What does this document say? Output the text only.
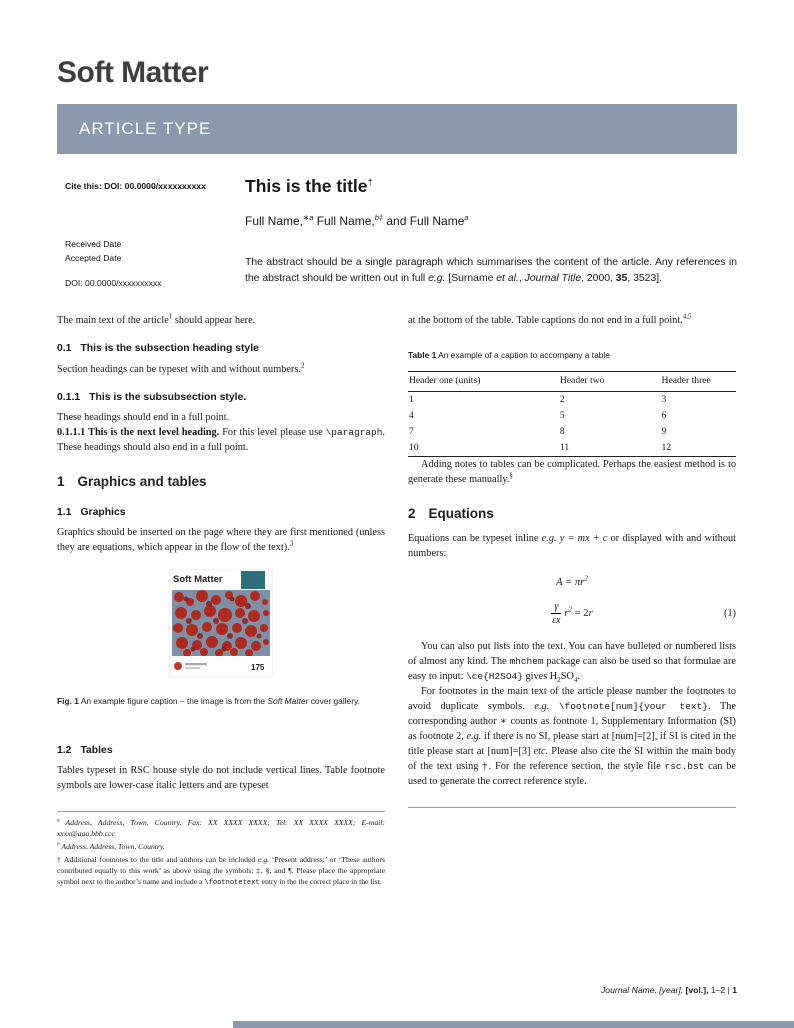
Soft Matter
ARTICLE TYPE
Cite this: DOI: 00.0000/xxxxxxxxxx
Received Date
Accepted Date
DOI: 00.0000/xxxxxxxxxx
This is the title†
Full Name,$^{∗a}$ Full Name,$^{b\ddagger}$ and Full Name$^a$
The abstract should be a single paragraph which summarises the content of the article. Any references in the abstract should be written out in full e.g. [Surname et al., Journal Title, 2000, 35, 3523].

The main text of the article$^1$ should appear here.

0.1 This is the subsection heading style

Section headings can be typeset with and without numbers.$^2$

0.1.1 This is the subsubsection style.

These headings should end in a full point.

0.1.1.1 This is the next level heading. For this level please use \paragraph. These headings should also end in a full point.

1 Graphics and tables
1.1 Graphics

Graphics should be inserted on the page where they are first mentioned (unless they are equations, which appear in the flow of the text).$^3$

Soft Matter
175
Fig. 1 An example figure caption – the image is from the Soft Matter cover gallery.
1.2 Tables

Tables typeset in RSC house style do not include vertical lines. Table footnote symbols are lower-case italic letters and are typeset

$^a$ Address, Address, Town, Country. Fax: XX XXXX XXXX; Tel: XX XXXX XXXX; E-mail: xxxx@aaa.bbb.ccc
$^b$ Address, Address, Town, Country.
† Additional footnotes to the title and authors can be included e.g. ‘Present address:’ or ‘These authors contributed equally to this work’ as above using the symbols: ‡, §, and ¶. Please place the appropriate symbol next to the author’s name and include a \footnotetext entry in the the correct place in the list.

at the bottom of the table. Table captions do not end in a full point.$^{4,5}$

Table 1 An example of a caption to accompany a table
Header one (units)	Header two	Header three
1	2	3
4	5	6
7	8	9
10	11	12

Adding notes to tables can be complicated. Perhaps the easiest method is to generate these manually.§

2 Equations

Equations can be typeset inline e.g. y = mx + c or displayed with and without numbers:

$A = \pi r^2$
$\frac{\gamma}{\varepsilon x} r^2 = 2r$	(1)

You can also put lists into the text. You can have bulleted or numbered lists of almost any kind. The mhchem package can also be used so that formulae are easy to input: \ce{H2SO4} gives $H_2SO_4$.

For footnotes in the main text of the article please number the footnotes to avoid duplicate symbols. e.g. \footnote[num]{your text}. The corresponding author ∗ counts as footnote 1, Supplementary Information (SI) as footnote 2, e.g. if there is no SI, please start at [num]=[2], if SI is cited in the title please start at [num]=[3] etc. Please also cite the SI within the main body of the text using †. For the reference section, the style file rsc.bst can be used to generate the correct reference style.

Journal Name, [year], [vol.], 1–2 | 1
